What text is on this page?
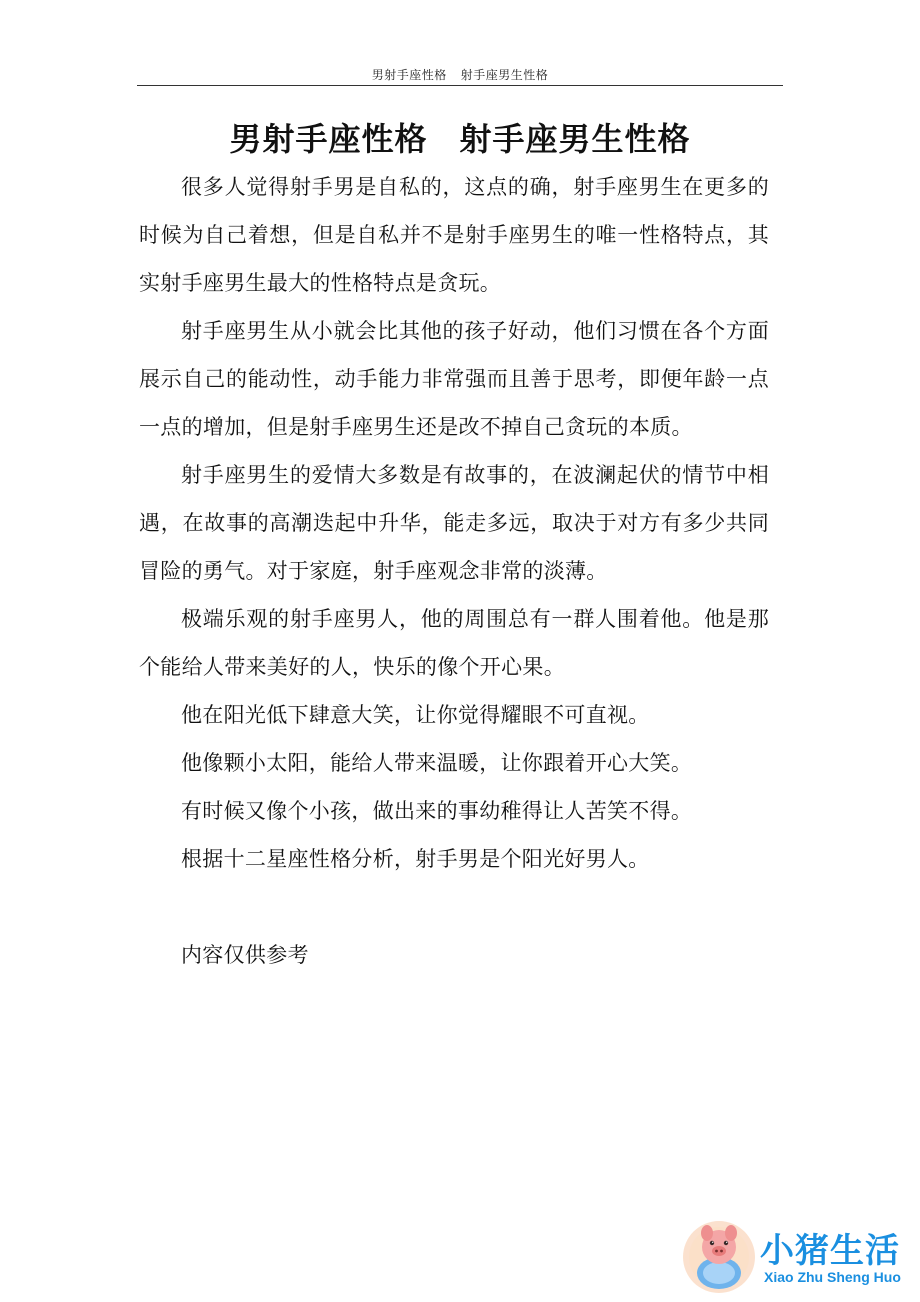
男射手座性格 射手座男生性格
男射手座性格 射手座男生性格

很多人觉得射手男是自私的，这点的确，射手座男生在更多的时候为自己着想，但是自私并不是射手座男生的唯一性格特点，其实射手座男生最大的性格特点是贪玩。

射手座男生从小就会比其他的孩子好动，他们习惯在各个方面展示自己的能动性，动手能力非常强而且善于思考，即便年龄一点一点的增加，但是射手座男生还是改不掉自己贪玩的本质。

射手座男生的爱情大多数是有故事的，在波澜起伏的情节中相遇，在故事的高潮迭起中升华，能走多远，取决于对方有多少共同冒险的勇气。对于家庭，射手座观念非常的淡薄。

极端乐观的射手座男人，他的周围总有一群人围着他。他是那个能给人带来美好的人，快乐的像个开心果。

他在阳光低下肆意大笑，让你觉得耀眼不可直视。

他像颗小太阳，能给人带来温暖，让你跟着开心大笑。

有时候又像个小孩，做出来的事幼稚得让人苦笑不得。

根据十二星座性格分析，射手男是个阳光好男人。

内容仅供参考

小猪生活
Xiao Zhu Sheng Huo
